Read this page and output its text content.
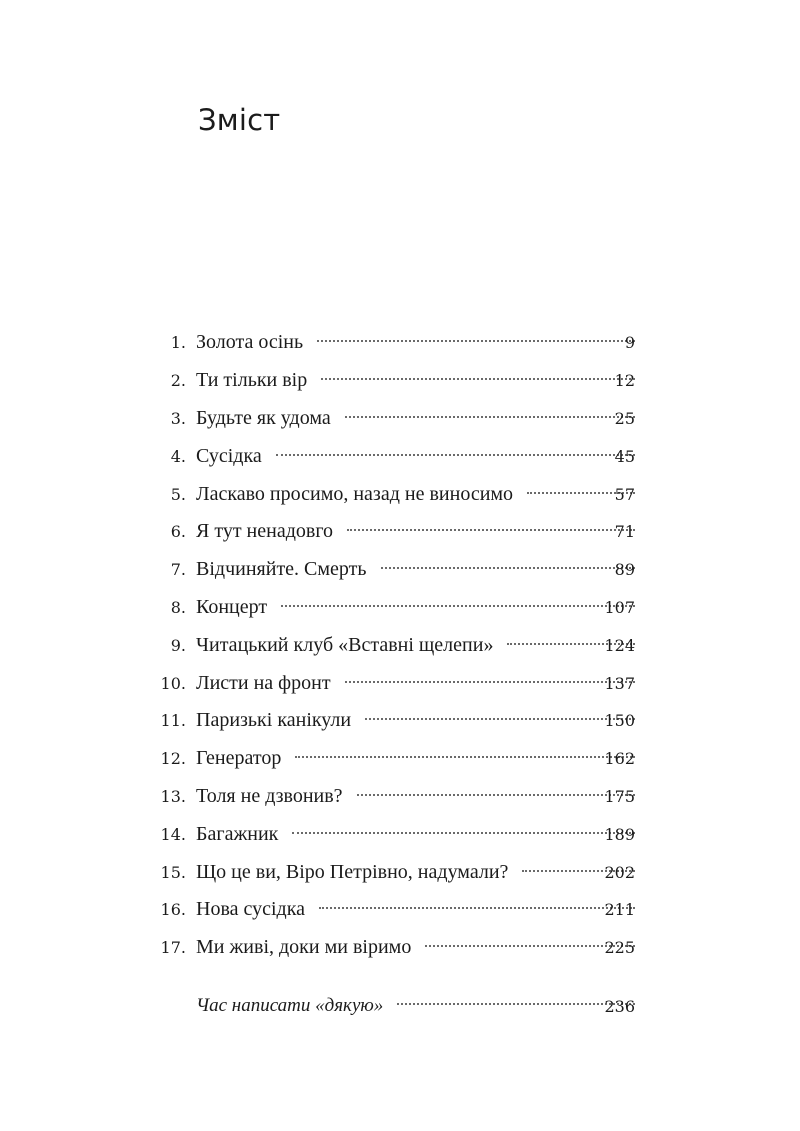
Зміст
1. Золота осінь	9
2. Ти тільки вір	12
3. Будьте як удома	25
4. Сусідка	45
5. Ласкаво просимо, назад не виносимо	57
6. Я тут ненадовго	71
7. Відчиняйте. Смерть	89
8. Концерт	107
9. Читацький клуб «Вставні щелепи»	124
10. Листи на фронт	137
11. Паризькі канікули	150
12. Генератор	162
13. Толя не дзвонив?	175
14. Багажник	189
15. Що це ви, Віро Петрівно, надумали?	202
16. Нова сусідка	211
17. Ми живі, доки ми віримо	225
Час написати «дякую»	236
